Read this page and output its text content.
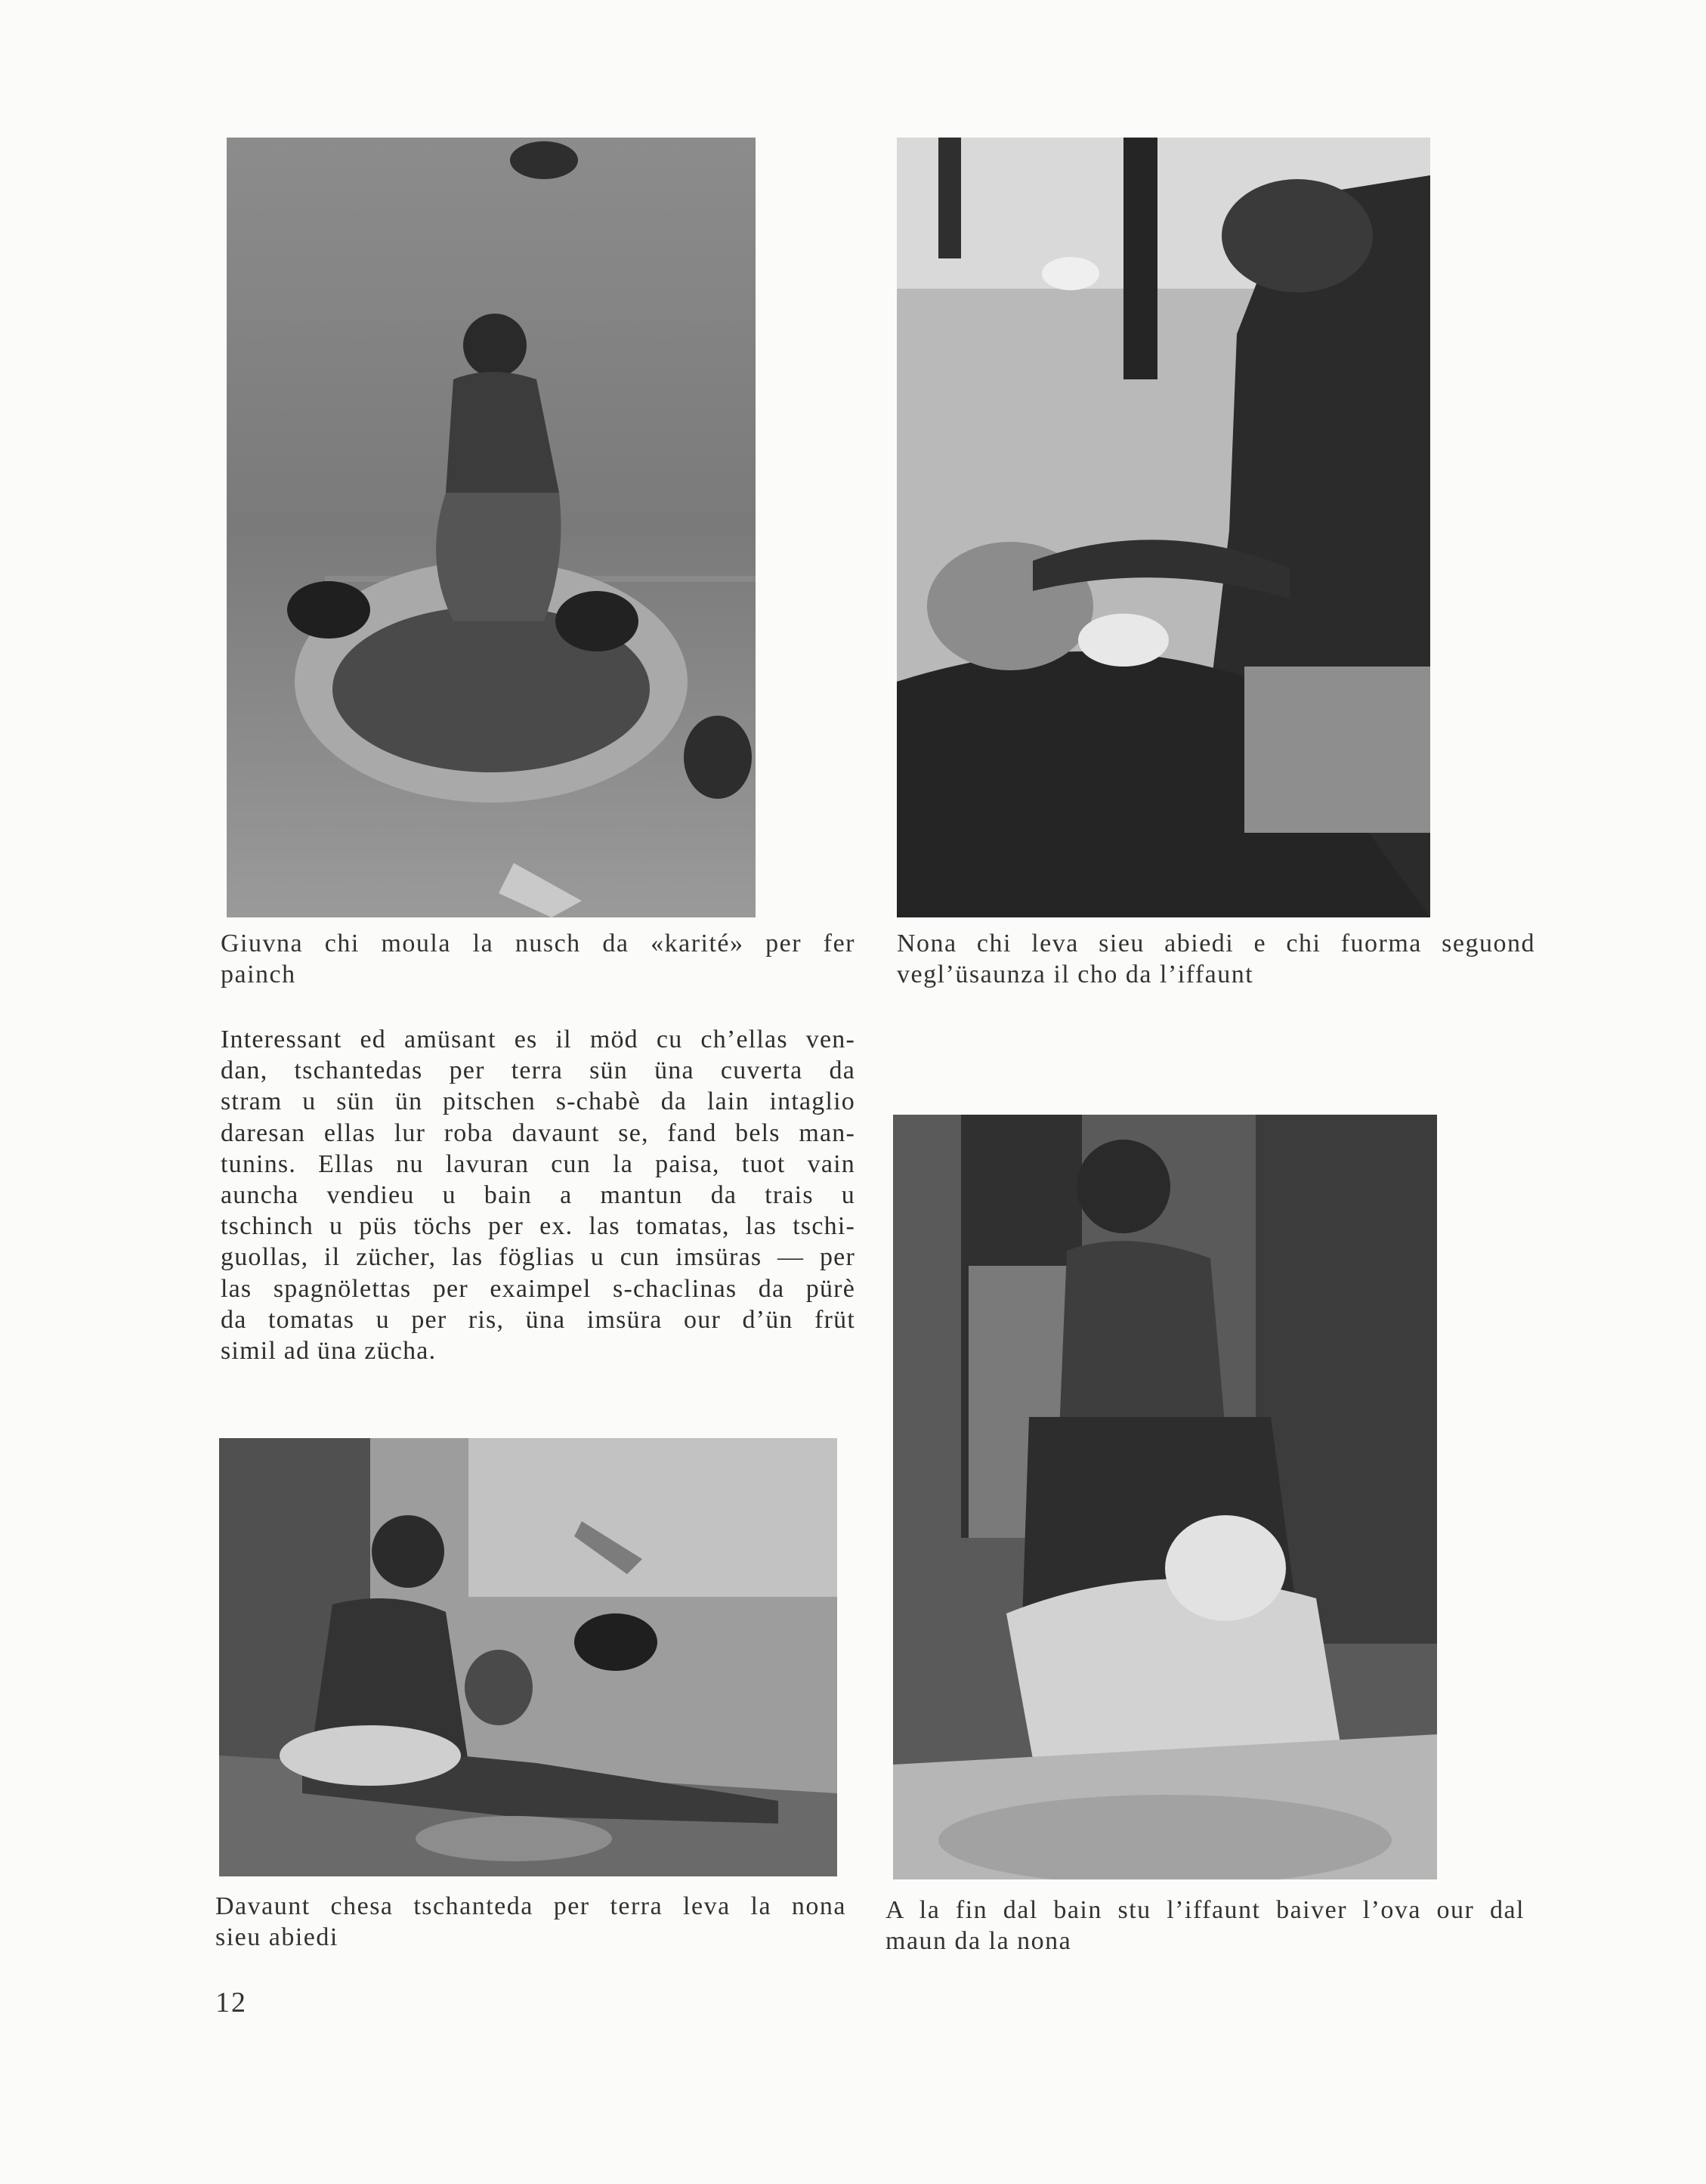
Giuvna chi moula la nusch da «karité» per fer
painch
Nona chi leva sieu abiedi e chi fuorma seguond
vegl’üsaunza il cho da l’iffaunt
Davaunt chesa tschanteda per terra leva la nona
sieu abiedi
A la fin dal bain stu l’iffaunt baiver l’ova our dal
maun da la nona
Interessant ed amüsant es il möd cu ch’ellas ven-
dan, tschantedas per terra sün üna cuverta da
stram u sün ün pitschen s-chabè da lain intaglio
daresan ellas lur roba davaunt se, fand bels man-
tunins. Ellas nu lavuran cun la paisa, tuot vain
auncha vendieu u bain a mantun da trais u
tschinch u püs töchs per ex. las tomatas, las tschi-
guollas, il zücher, las föglias u cun imsüras — per
las spagnölettas per exaimpel s-chaclinas da pürè
da tomatas u per ris, üna imsüra our d’ün früt
simil ad üna zücha.
12
